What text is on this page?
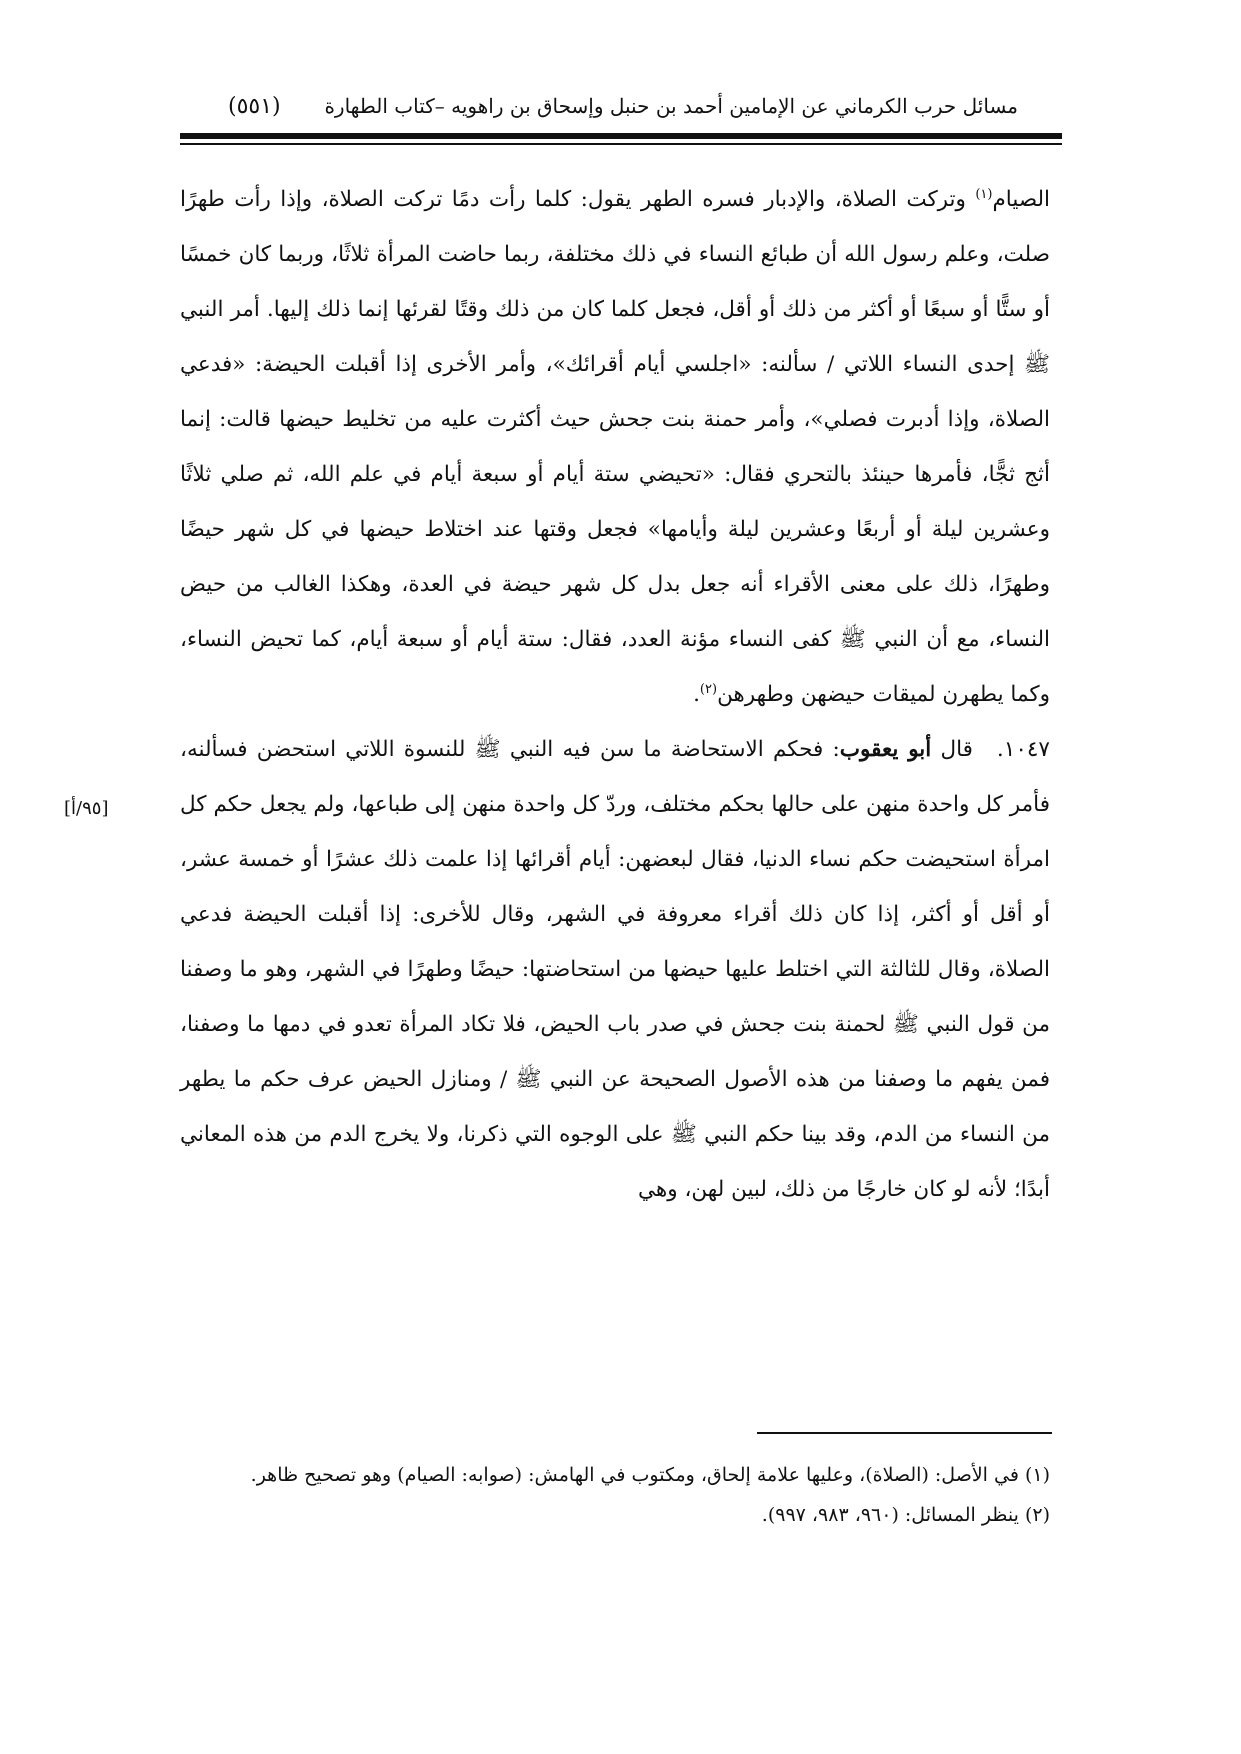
مسائل حرب الكرماني عن الإمامين أحمد بن حنبل وإسحاق بن راهويه –كتاب الطهارة
(٥٥١)

الصيام$^{(١)}$ وتركت الصلاة، والإدبار فسره الطهر يقول: كلما رأت دمًا تركت الصلاة، وإذا رأت طهرًا صلت، وعلم رسول الله أن طبائع النساء في ذلك مختلفة، ربما حاضت المرأة ثلاثًا، وربما كان خمسًا أو ستًّا أو سبعًا أو أكثر من ذلك أو أقل، فجعل كلما كان من ذلك وقتًا لقرئها إنما ذلك إليها. أمر النبي ﷺ إحدى النساء اللاتي / سألنه: «اجلسي أيام أقرائك»، وأمر الأخرى إذا أقبلت الحيضة: «فدعي الصلاة، وإذا أدبرت فصلي»، وأمر حمنة بنت جحش حيث أكثرت عليه من تخليط حيضها قالت: إنما أثج ثجًّا، فأمرها حينئذ بالتحري فقال: «تحيضي ستة أيام أو سبعة أيام في علم الله، ثم صلي ثلاثًا وعشرين ليلة أو أربعًا وعشرين ليلة وأيامها» فجعل وقتها عند اختلاط حيضها في كل شهر حيضًا وطهرًا، ذلك على معنى الأقراء أنه جعل بدل كل شهر حيضة في العدة، وهكذا الغالب من حيض النساء، مع أن النبي ﷺ كفى النساء مؤنة العدد، فقال: ستة أيام أو سبعة أيام، كما تحيض النساء، وكما يطهرن لميقات حيضهن وطهرهن$^{(٢)}$.

١٠٤٧.قال أبو يعقوب: فحكم الاستحاضة ما سن فيه النبي ﷺ للنسوة اللاتي استحضن فسألنه، فأمر كل واحدة منهن على حالها بحكم مختلف، وردّ كل واحدة منهن إلى طباعها، ولم يجعل حكم كل امرأة استحيضت حكم نساء الدنيا، فقال لبعضهن: أيام أقرائها إذا علمت ذلك عشرًا أو خمسة عشر، أو أقل أو أكثر، إذا كان ذلك أقراء معروفة في الشهر، وقال للأخرى: إذا أقبلت الحيضة فدعي الصلاة، وقال للثالثة التي اختلط عليها حيضها من استحاضتها: حيضًا وطهرًا في الشهر، وهو ما وصفنا من قول النبي ﷺ لحمنة بنت جحش في صدر باب الحيض، فلا تكاد المرأة تعدو في دمها ما وصفنا، فمن يفهم ما وصفنا من هذه الأصول الصحيحة عن النبي ﷺ / ومنازل الحيض عرف حكم ما يطهر من النساء من الدم، وقد بينا حكم النبي ﷺ على الوجوه التي ذكرنا، ولا يخرج الدم من هذه المعاني أبدًا؛ لأنه لو كان خارجًا من ذلك، لبين لهن، وهي

[٩٥/أ]

(١) في الأصل: (الصلاة)، وعليها علامة إلحاق، ومكتوب في الهامش: (صوابه: الصيام) وهو تصحيح ظاهر.

(٢) ينظر المسائل: (٩٦٠، ٩٨٣، ٩٩٧).
